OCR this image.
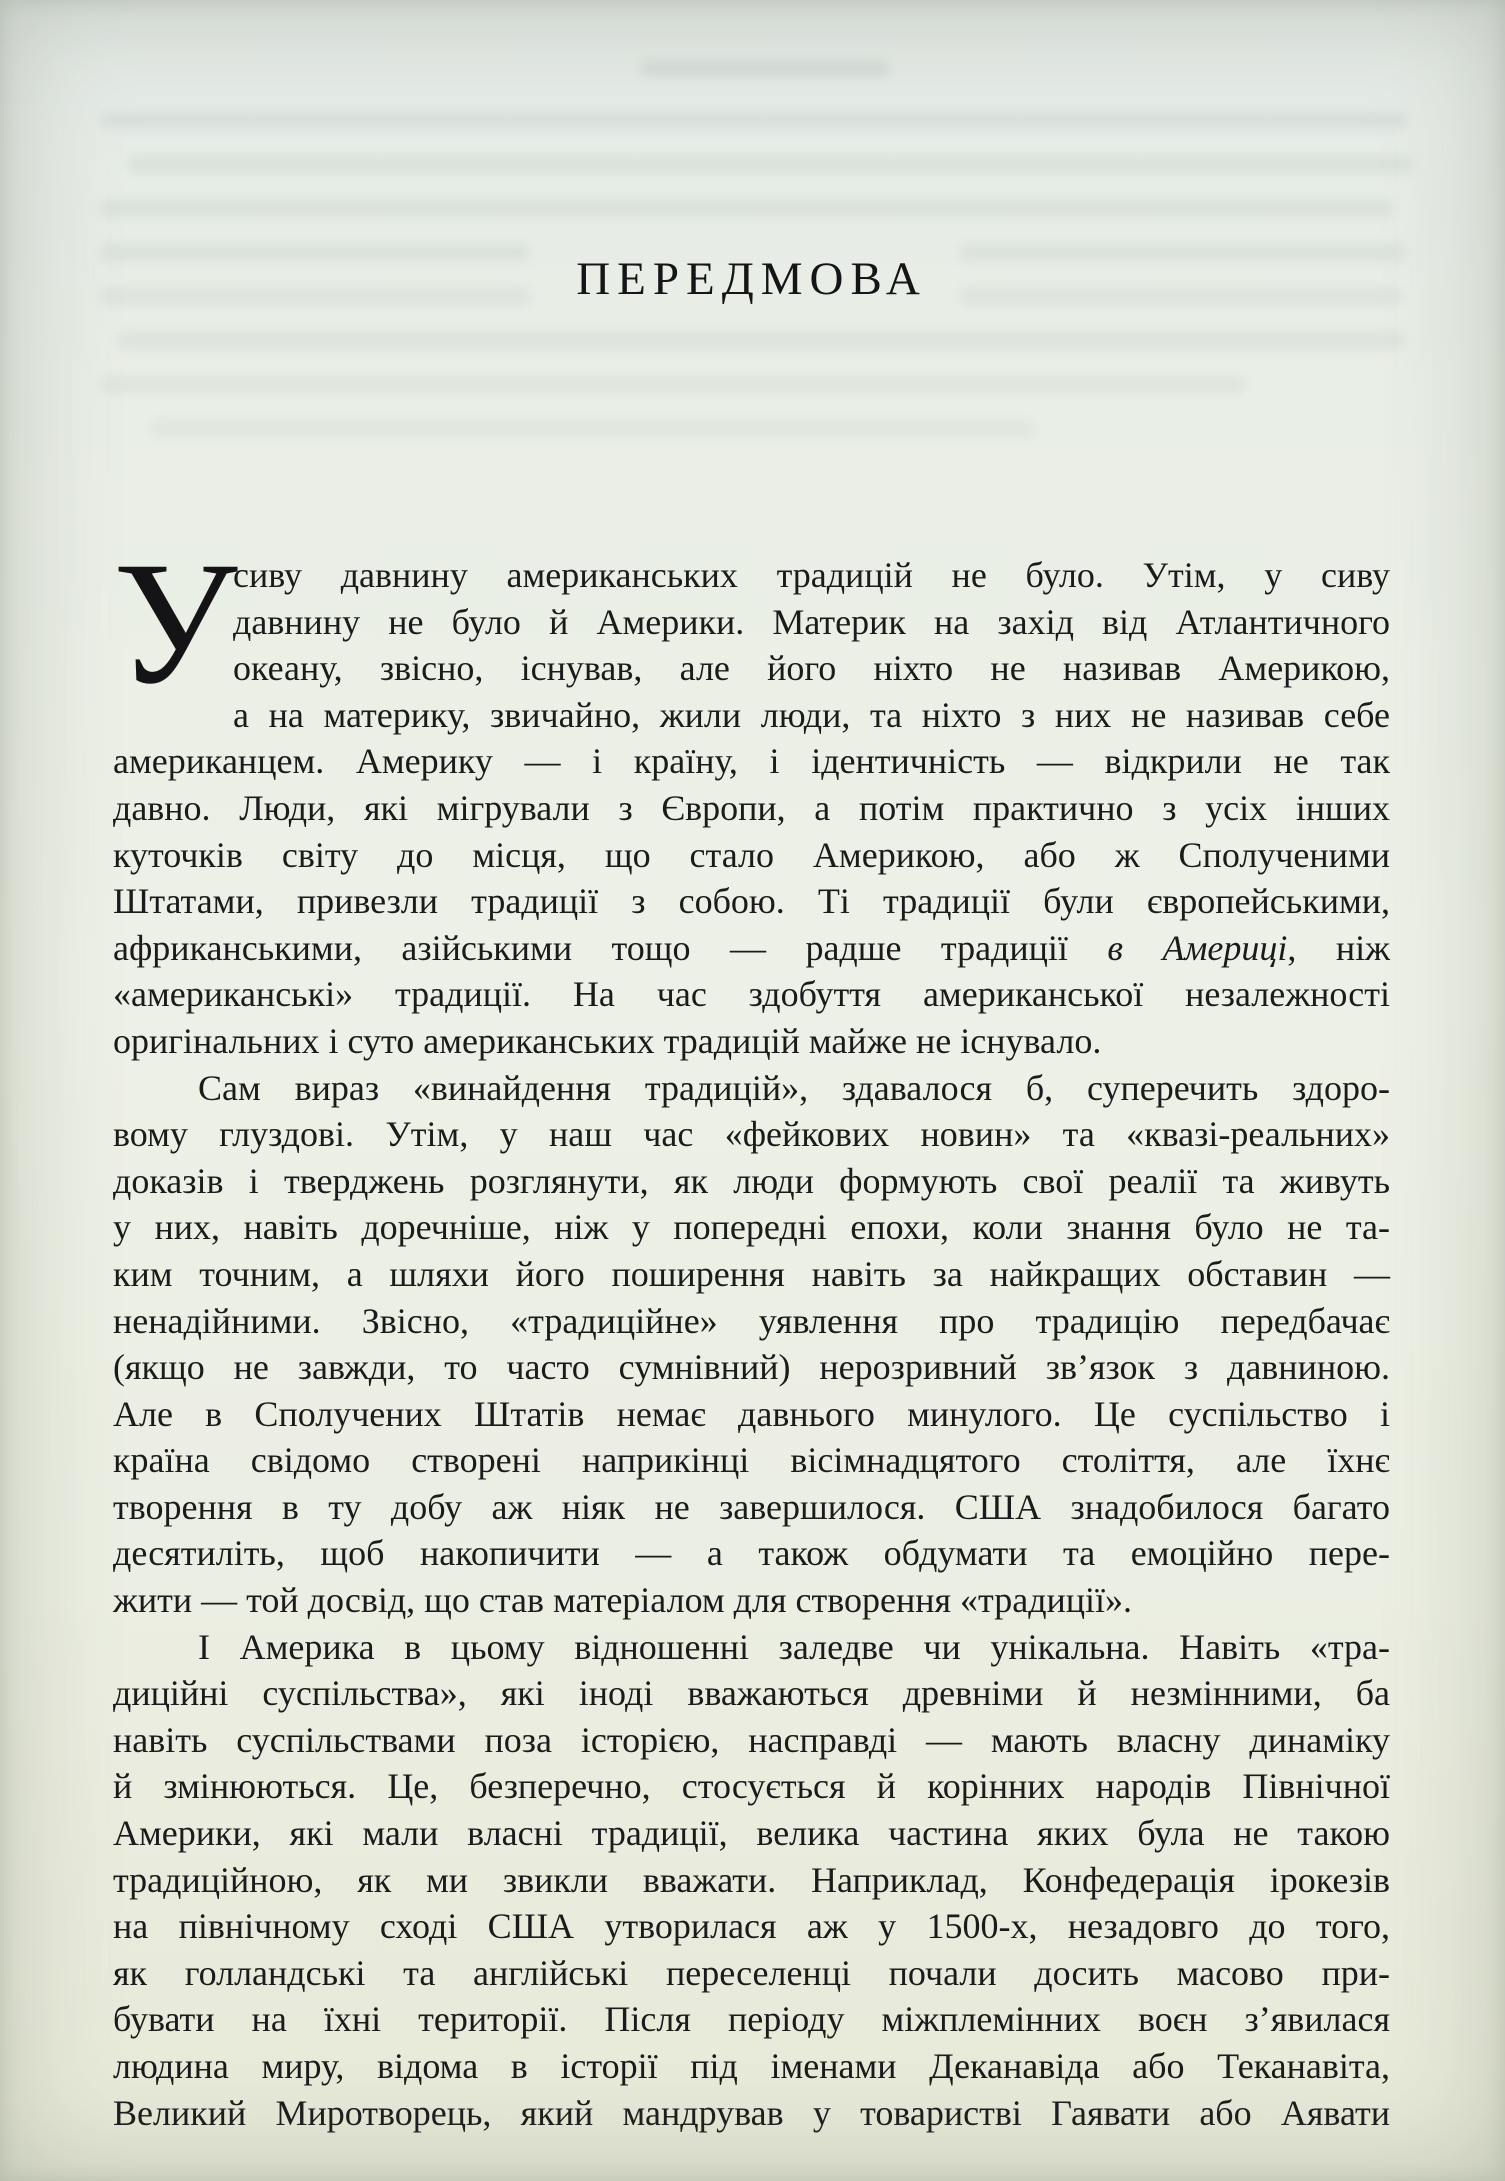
ПЕРЕДМОВА
У
сиву давнину американських традицій не було. Утім, у сиву
давнину не було й Америки. Материк на захід від Атлантичного
океану, звісно, існував, але його ніхто не називав Америкою,
а на материку, звичайно, жили люди, та ніхто з них не називав себе
американцем. Америку — і країну, і ідентичність — відкрили не так
давно. Люди, які мігрували з Європи, а потім практично з усіх інших
куточків світу до місця, що стало Америкою, або ж Сполученими
Штатами, привезли традиції з собою. Ті традиції були європейськими,
африканськими, азійськими тощо — радше традиції в Америці, ніж
«американські» традиції. На час здобуття американської незалежності
оригінальних і суто американських традицій майже не існувало.
Сам вираз «винайдення традицій», здавалося б, суперечить здоро-
вому глуздові. Утім, у наш час «фейкових новин» та «квазі-реальних»
доказів і тверджень розглянути, як люди формують свої реалії та живуть
у них, навіть доречніше, ніж у попередні епохи, коли знання було не та-
ким точним, а шляхи його поширення навіть за найкращих обставин —
ненадійними. Звісно, «традиційне» уявлення про традицію передбачає
(якщо не завжди, то часто сумнівний) нерозривний зв’язок з давниною.
Але в Сполучених Штатів немає давнього минулого. Це суспільство і
країна свідомо створені наприкінці вісімнадцятого століття, але їхнє
творення в ту добу аж ніяк не завершилося. США знадобилося багато
десятиліть, щоб накопичити — а також обдумати та емоційно пере-
жити — той досвід, що став матеріалом для створення «традиції».
І Америка в цьому відношенні заледве чи унікальна. Навіть «тра-
диційні суспільства», які іноді вважаються древніми й незмінними, ба
навіть суспільствами поза історією, насправді — мають власну динаміку
й змінюються. Це, безперечно, стосується й корінних народів Північної
Америки, які мали власні традиції, велика частина яких була не такою
традиційною, як ми звикли вважати. Наприклад, Конфедерація ірокезів
на північному сході США утворилася аж у 1500-х, незадовго до того,
як голландські та англійські переселенці почали досить масово при-
бувати на їхні території. Після періоду міжплемінних воєн з’явилася
людина миру, відома в історії під іменами Деканавіда або Теканавіта,
Великий Миротворець, який мандрував у товаристві Гаявати або Аявати
